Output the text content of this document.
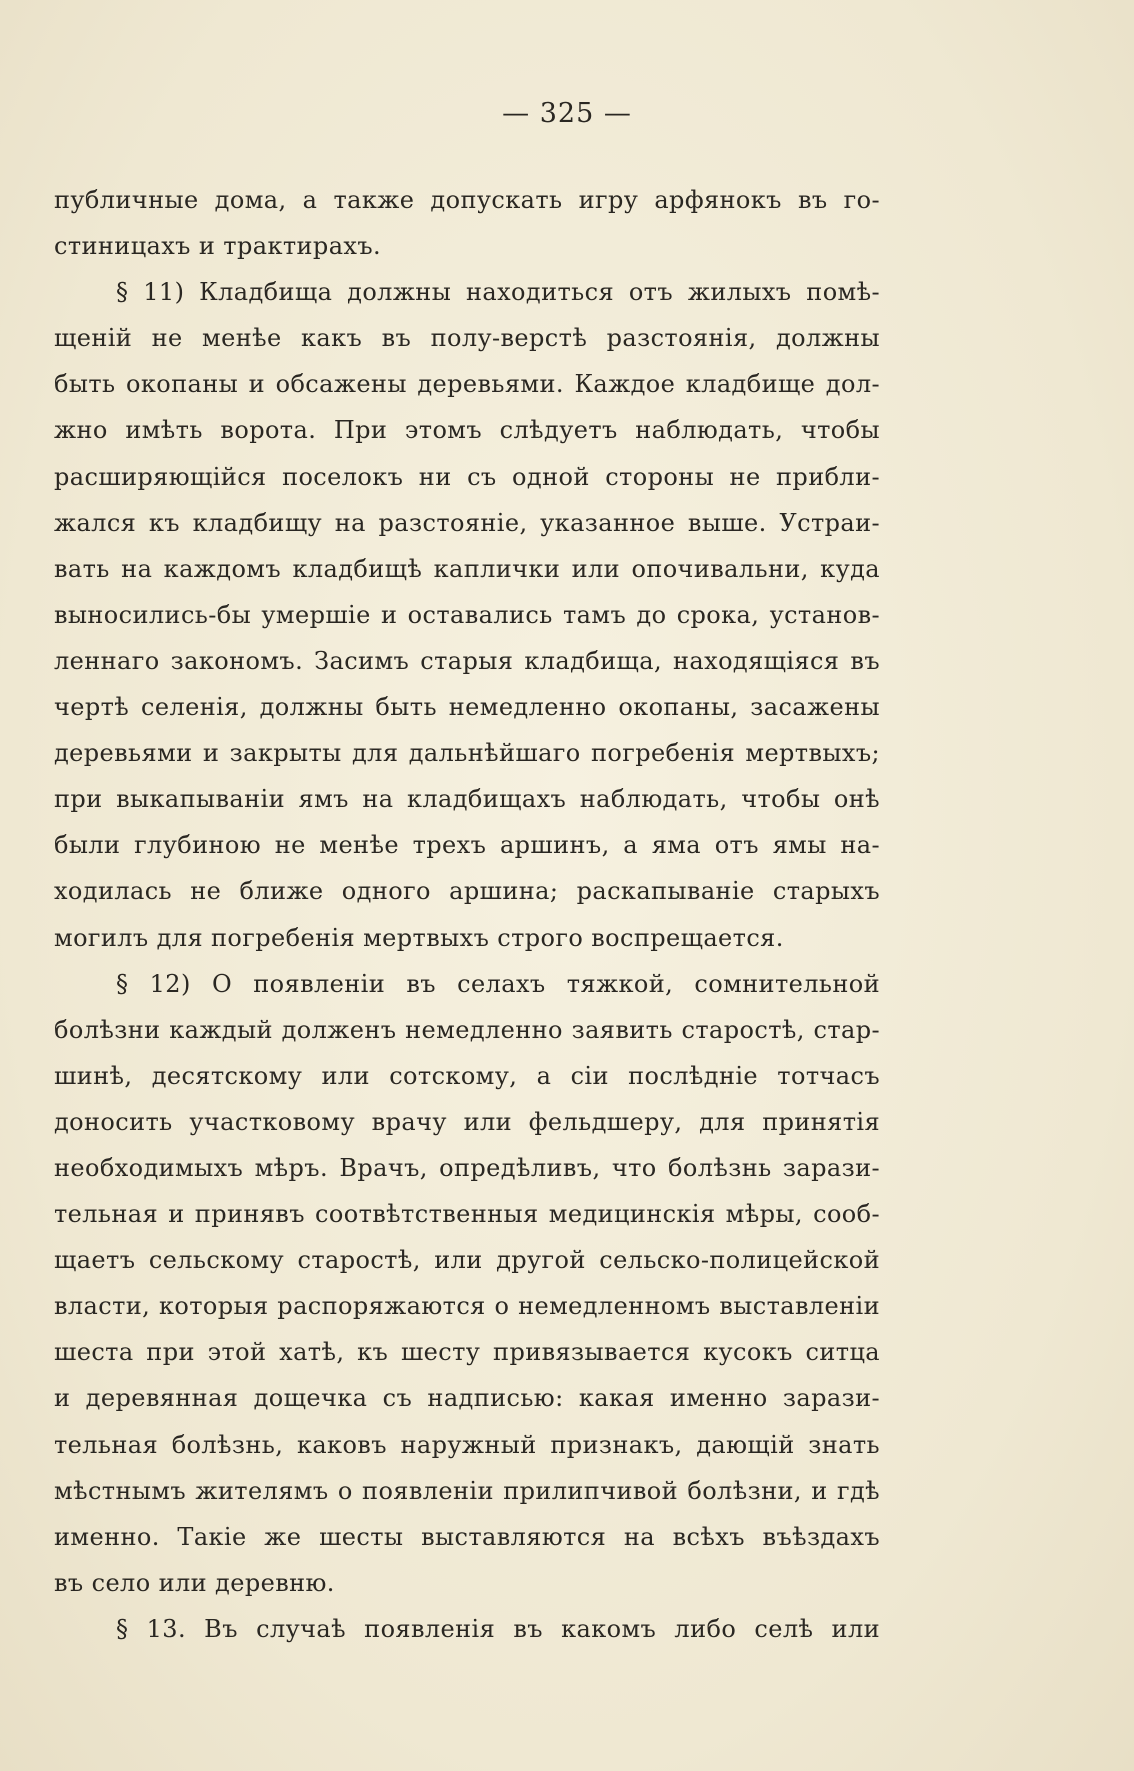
— 325 —
публичные дома, а также допускать игру арфянокъ въ го-
стиницахъ и трактирахъ.
§ 11) Кладбища должны находиться отъ жилыхъ помѣ-
щеній не менѣе какъ въ полу-верстѣ разстоянія, должны
быть окопаны и обсажены деревьями. Каждое кладбище дол-
жно имѣть ворота. При этомъ слѣдуетъ наблюдать, чтобы
расширяющійся поселокъ ни съ одной стороны не прибли-
жался къ кладбищу на разстояніе, указанное выше. Устраи-
вать на каждомъ кладбищѣ каплички или опочивальни, куда
выносились-бы умершіе и оставались тамъ до срока, установ-
леннаго закономъ. Засимъ старыя кладбища, находящіяся въ
чертѣ селенія, должны быть немедленно окопаны, засажены
деревьями и закрыты для дальнѣйшаго погребенія мертвыхъ;
при выкапываніи ямъ на кладбищахъ наблюдать, чтобы онѣ
были глубиною не менѣе трехъ аршинъ, а яма отъ ямы на-
ходилась не ближе одного аршина; раскапываніе старыхъ
могилъ для погребенія мертвыхъ строго воспрещается.
§ 12) О появленіи въ селахъ тяжкой, сомнительной
болѣзни каждый долженъ немедленно заявить старостѣ, стар-
шинѣ, десятскому или сотскому, а сіи послѣдніе тотчасъ
доносить участковому врачу или фельдшеру, для принятія
необходимыхъ мѣръ. Врачъ, опредѣливъ, что болѣзнь зарази-
тельная и принявъ соотвѣтственныя медицинскія мѣры, сооб-
щаетъ сельскому старостѣ, или другой сельско-полицейской
власти, которыя распоряжаются о немедленномъ выставленіи
шеста при этой хатѣ, къ шесту привязывается кусокъ ситца
и деревянная дощечка съ надписью: какая именно зарази-
тельная болѣзнь, каковъ наружный признакъ, дающій знать
мѣстнымъ жителямъ о появленіи прилипчивой болѣзни, и гдѣ
именно. Такіе же шесты выставляются на всѣхъ въѣздахъ
въ село или деревню.
§ 13. Въ случаѣ появленія въ какомъ либо селѣ или
